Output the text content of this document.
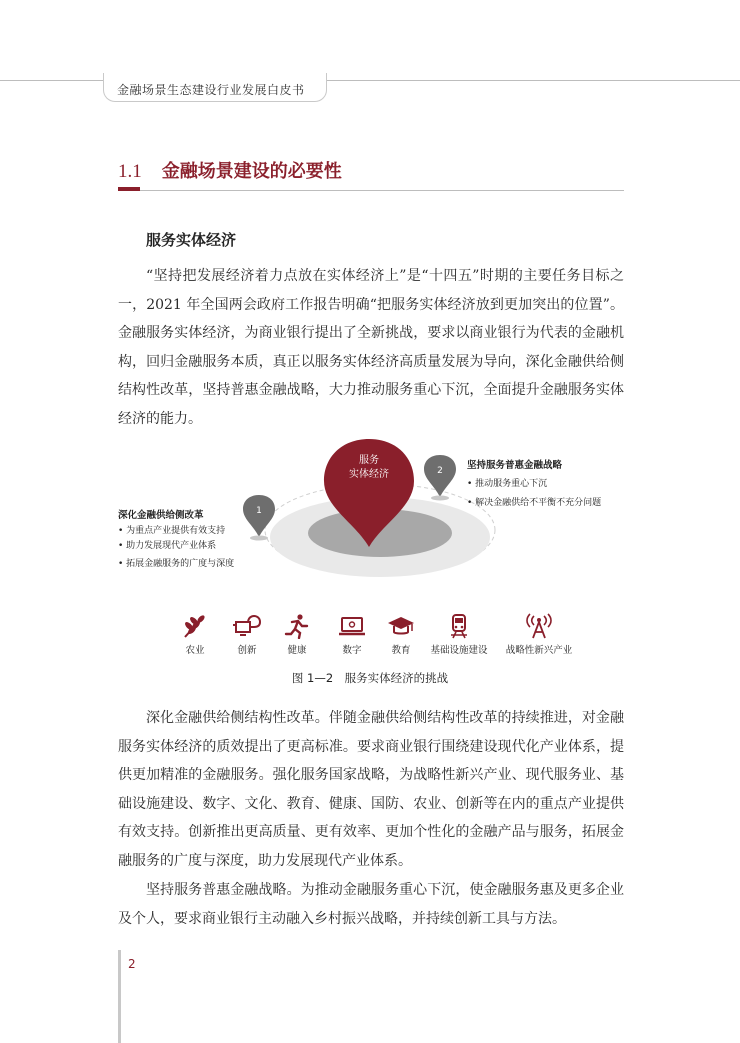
金融场景生态建设行业发展白皮书
1.1 金融场景建设的必要性
服务实体经济

“坚持把发展经济着力点放在实体经济上”是“十四五”时期的主要任务目标之一，2021 年全国两会政府工作报告明确“把服务实体经济放到更加突出的位置”。金融服务实体经济，为商业银行提出了全新挑战，要求以商业银行为代表的金融机构，回归金融服务本质，真正以服务实体经济高质量发展为导向，深化金融供给侧结构性改革，坚持普惠金融战略，大力推动服务重心下沉，全面提升金融服务实体经济的能力。

服务
实体经济
1
2
深化金融供给侧改革
• 为重点产业提供有效支持
• 助力发展现代产业体系
• 拓展金融服务的广度与深度
坚持服务普惠金融战略
• 推动服务重心下沉
• 解决金融供给不平衡不充分问题
农业	创新	健康	数字	教育	基础设施建设	战略性新兴产业
图 1—2　服务实体经济的挑战

深化金融供给侧结构性改革。伴随金融供给侧结构性改革的持续推进，对金融服务实体经济的质效提出了更高标准。要求商业银行围绕建设现代化产业体系，提供更加精准的金融服务。强化服务国家战略，为战略性新兴产业、现代服务业、基础设施建设、数字、文化、教育、健康、国防、农业、创新等在内的重点产业提供有效支持。创新推出更高质量、更有效率、更加个性化的金融产品与服务，拓展金融服务的广度与深度，助力发展现代产业体系。

坚持服务普惠金融战略。为推动金融服务重心下沉，使金融服务惠及更多企业及个人，要求商业银行主动融入乡村振兴战略，并持续创新工具与方法。

2
